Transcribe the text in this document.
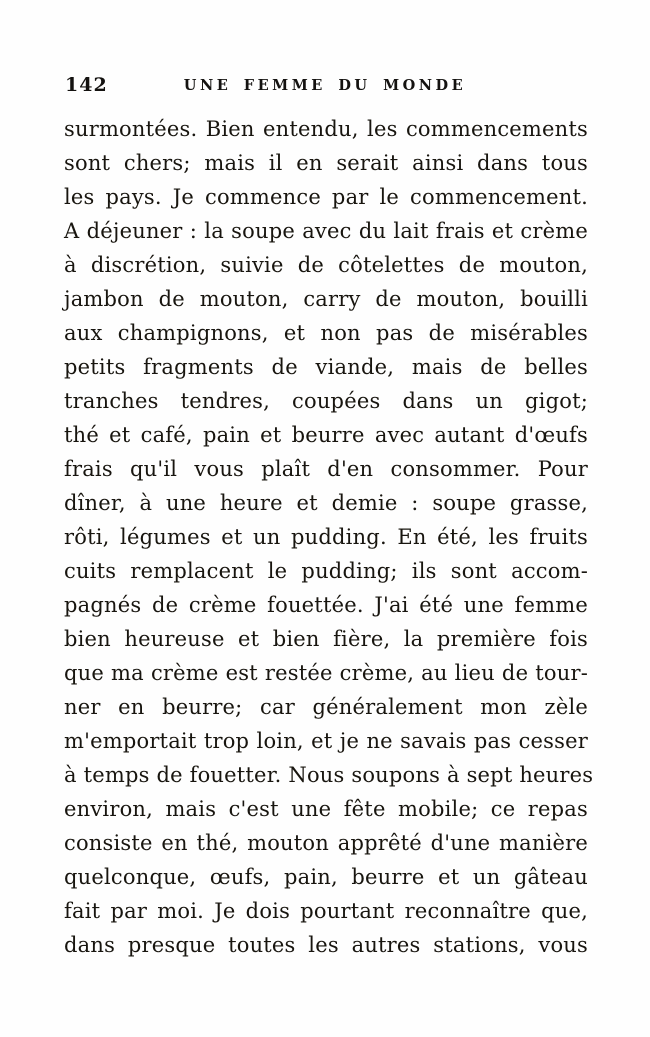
142	UNE FEMME DU MONDE
surmontées. Bien entendu, les commencements
sont chers; mais il en serait ainsi dans tous
les pays. Je commence par le commencement.
A déjeuner : la soupe avec du lait frais et crème
à discrétion, suivie de côtelettes de mouton,
jambon de mouton, carry de mouton, bouilli
aux champignons, et non pas de misérables
petits fragments de viande, mais de belles
tranches tendres, coupées dans un gigot;
thé et café, pain et beurre avec autant d'œufs
frais qu'il vous plaît d'en consommer. Pour
dîner, à une heure et demie : soupe grasse,
rôti, légumes et un pudding. En été, les fruits
cuits remplacent le pudding; ils sont accom-
pagnés de crème fouettée. J'ai été une femme
bien heureuse et bien fière, la première fois
que ma crème est restée crème, au lieu de tour-
ner en beurre; car généralement mon zèle
m'emportait trop loin, et je ne savais pas cesser
à temps de fouetter. Nous soupons à sept heures
environ, mais c'est une fête mobile; ce repas
consiste en thé, mouton apprêté d'une manière
quelconque, œufs, pain, beurre et un gâteau
fait par moi. Je dois pourtant reconnaître que,
dans presque toutes les autres stations, vous
